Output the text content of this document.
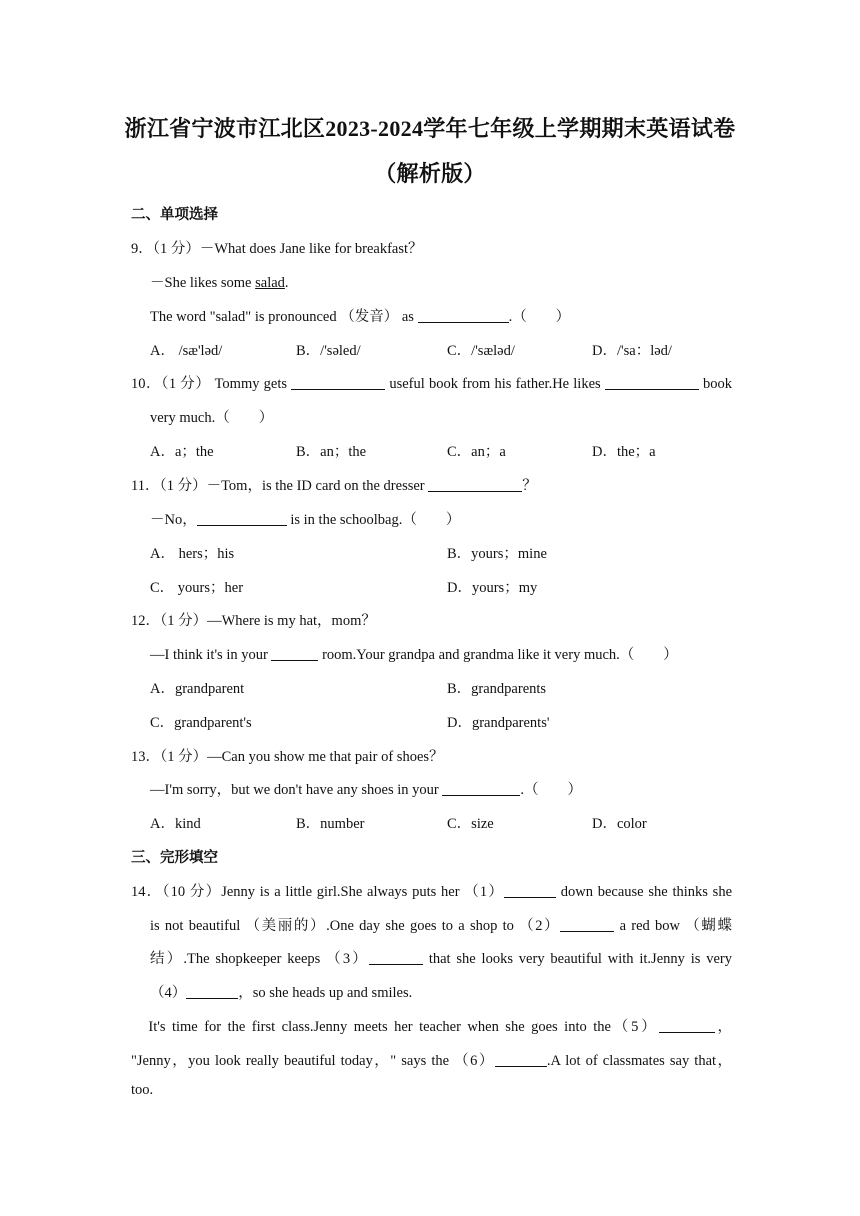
浙江省宁波市江北区2023-2024学年七年级上学期期末英语试卷
（解析版）
二、单项选择
9．（1 分）－What does Jane like for breakfast？
－She likes some salad.
The word "salad" is pronounced （发音） as	.（　　）
A． /sæ'ləd/	B．/'səled/	C．/'sæləd/	D．/'sa：ləd/
10．（1 分） Tommy gets	useful book from his father.He likes	book
very much.（　　）
A．a；the	B．an；the	C．an；a	D．the；a
11．（1 分）－Tom，is the ID card on the dresser	？
－No，	is in the schoolbag.（　　）
A． hers；his	B．yours；mine
C． yours；her	D．yours；my
12．（1 分）—Where is my hat，mom？
—I think it's in your	room.Your grandpa and grandma like it very much.（　　）
A．grandparent	B．grandparents
C．grandparent's	D．grandparents'
13．（1 分）—Can you show me that pair of shoes？
—I'm sorry，but we don't have any shoes in your	.（　　）
A．kind	B．number	C．size	D．color
三、完形填空
14．（10 分）Jenny is a little girl.She always puts her （1）	down because she thinks she
is not beautiful （美丽的）.One day she goes to a shop to （2）	a red bow （蝴蝶
结）.The shopkeeper keeps （3）	that she looks very beautiful with it.Jenny is very
（4）	，so she heads up and smiles.
　It's time for the first class.Jenny meets her teacher when she goes into the（5）	，
"Jenny，you look really beautiful today，" says the （6）	.A lot of classmates say that，
too.
